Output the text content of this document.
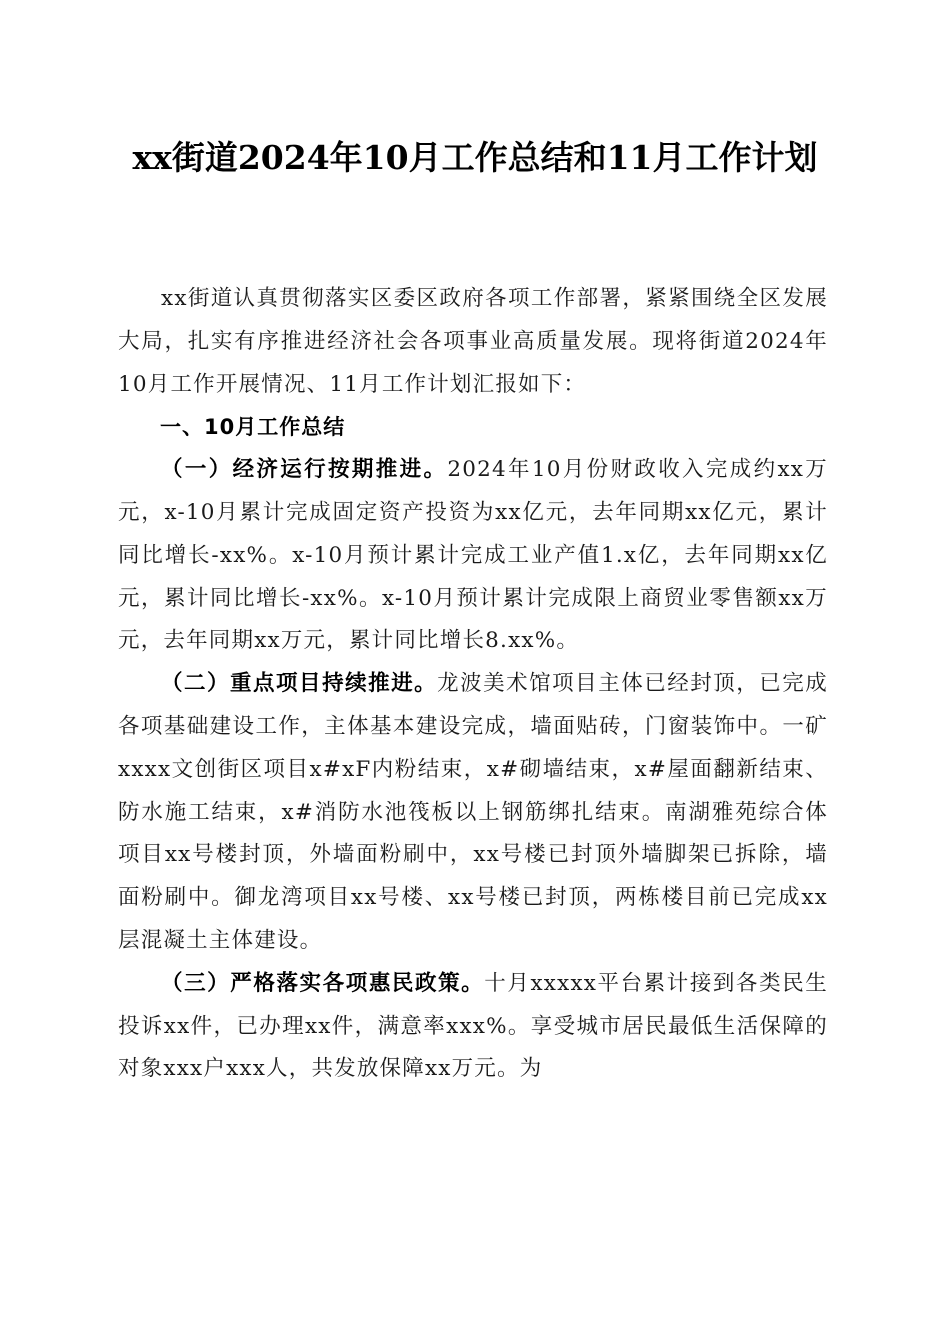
xx街道2024年10月工作总结和11月工作计划

xx街道认真贯彻落实区委区政府各项工作部署，紧紧围绕全区发展大局，扎实有序推进经济社会各项事业高质量发展。现将街道2024年10月工作开展情况、11月工作计划汇报如下：

一、10月工作总结

（一）经济运行按期推进。2024年10月份财政收入完成约xx万元，x-10月累计完成固定资产投资为xx亿元，去年同期xx亿元，累计同比增长-xx%。x-10月预计累计完成工业产值1.x亿，去年同期xx亿元，累计同比增长-xx%。x-10月预计累计完成限上商贸业零售额xx万元，去年同期xx万元，累计同比增长8.xx%。

（二）重点项目持续推进。龙波美术馆项目主体已经封顶，已完成各项基础建设工作，主体基本建设完成，墙面贴砖，门窗装饰中。一矿xxxx文创街区项目x#xF内粉结束，x#砌墙结束，x#屋面翻新结束、防水施工结束，x#消防水池筏板以上钢筋绑扎结束。南湖雅苑综合体项目xx号楼封顶，外墙面粉刷中，xx号楼已封顶外墙脚架已拆除，墙面粉刷中。御龙湾项目xx号楼、xx号楼已封顶，两栋楼目前已完成xx层混凝土主体建设。

（三）严格落实各项惠民政策。十月xxxxx平台累计接到各类民生投诉xx件，已办理xx件，满意率xxx%。享受城市居民最低生活保障的对象xxx户xxx人，共发放保障xx万元。为
